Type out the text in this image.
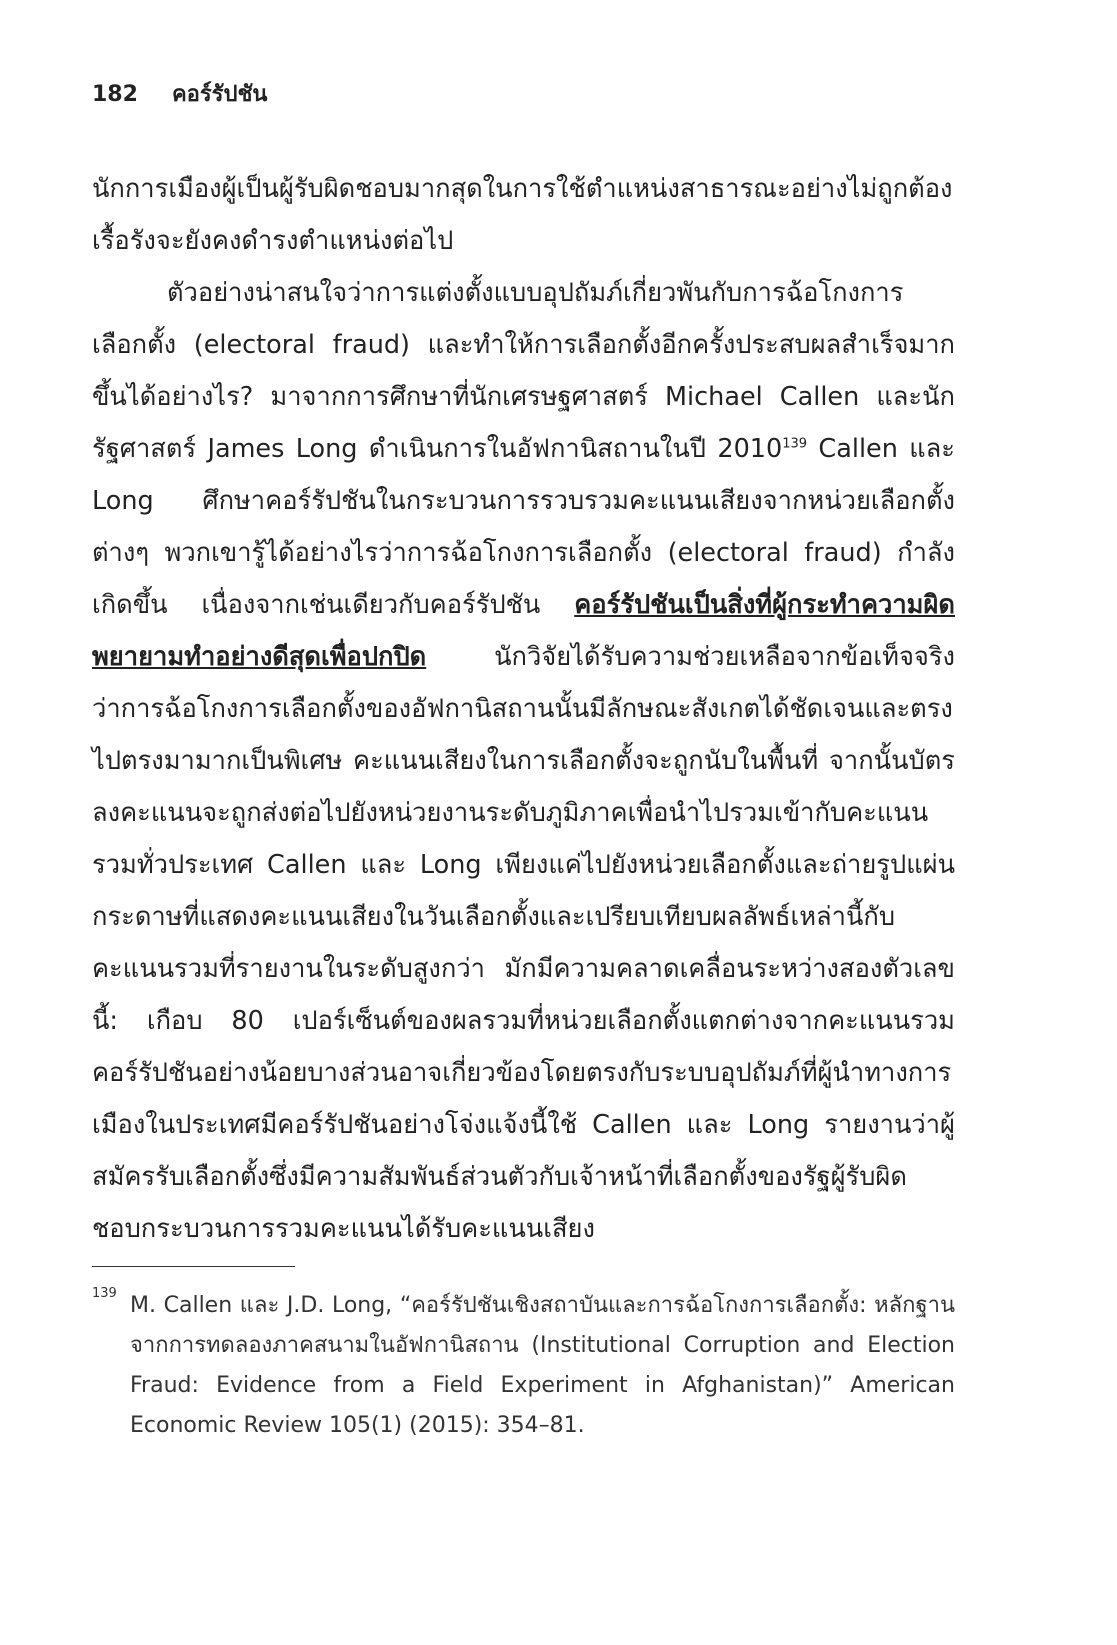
182 คอร์รัปชัน

นักการเมืองผู้เป็นผู้รับผิดชอบมากสุดในการใช้ตำแหน่งสาธารณะอย่างไม่ถูกต้องเรื้อรังจะยังคงดำรงตำแหน่งต่อไป

ตัวอย่างน่าสนใจว่าการแต่งตั้งแบบอุปถัมภ์เกี่ยวพันกับการฉ้อโกงการเลือกตั้ง (electoral fraud) และทำให้การเลือกตั้งอีกครั้งประสบผลสำเร็จมากขึ้นได้อย่างไร? มาจากการศึกษาที่นักเศรษฐศาสตร์ Michael Callen และนักรัฐศาสตร์ James Long ดำเนินการในอัฟกานิสถานในปี 2010$^{139}$ Callen และ Long ศึกษาคอร์รัปชันในกระบวนการรวบรวมคะแนนเสียงจากหน่วยเลือกตั้งต่างๆ พวกเขารู้ได้อย่างไรว่าการฉ้อโกงการเลือกตั้ง (electoral fraud) กำลังเกิดขึ้น เนื่องจากเช่นเดียวกับคอร์รัปชัน คอร์รัปชันเป็นสิ่งที่ผู้กระทำความผิดพยายามทำอย่างดีสุดเพื่อปกปิด นักวิจัยได้รับความช่วยเหลือจากข้อเท็จจริงว่าการฉ้อโกงการเลือกตั้งของอัฟกานิสถานนั้นมีลักษณะสังเกตได้ชัดเจนและตรงไปตรงมามากเป็นพิเศษ คะแนนเสียงในการเลือกตั้งจะถูกนับในพื้นที่ จากนั้นบัตรลงคะแนนจะถูกส่งต่อไปยังหน่วยงานระดับภูมิภาคเพื่อนำไปรวมเข้ากับคะแนนรวมทั่วประเทศ Callen และ Long เพียงแค่ไปยังหน่วยเลือกตั้งและถ่ายรูปแผ่นกระดาษที่แสดงคะแนนเสียงในวันเลือกตั้งและเปรียบเทียบผลลัพธ์เหล่านี้กับคะแนนรวมที่รายงานในระดับสูงกว่า มักมีความคลาดเคลื่อนระหว่างสองตัวเลขนี้: เกือบ 80 เปอร์เซ็นต์ของผลรวมที่หน่วยเลือกตั้งแตกต่างจากคะแนนรวม คอร์รัปชันอย่างน้อยบางส่วนอาจเกี่ยวข้องโดยตรงกับระบบอุปถัมภ์ที่ผู้นำทางการเมืองในประเทศมีคอร์รัปชันอย่างโจ่งแจ้งนี้ใช้ Callen และ Long รายงานว่าผู้สมัครรับเลือกตั้งซึ่งมีความสัมพันธ์ส่วนตัวกับเจ้าหน้าที่เลือกตั้งของรัฐผู้รับผิดชอบกระบวนการรวมคะแนนได้รับคะแนนเสียง

139 M. Callen และ J.D. Long, “คอร์รัปชันเชิงสถาบันและการฉ้อโกงการเลือกตั้ง: หลักฐานจากการทดลองภาคสนามในอัฟกานิสถาน (Institutional Corruption and Election Fraud: Evidence from a Field Experiment in Afghanistan)” American Economic Review 105(1) (2015): 354–81.
